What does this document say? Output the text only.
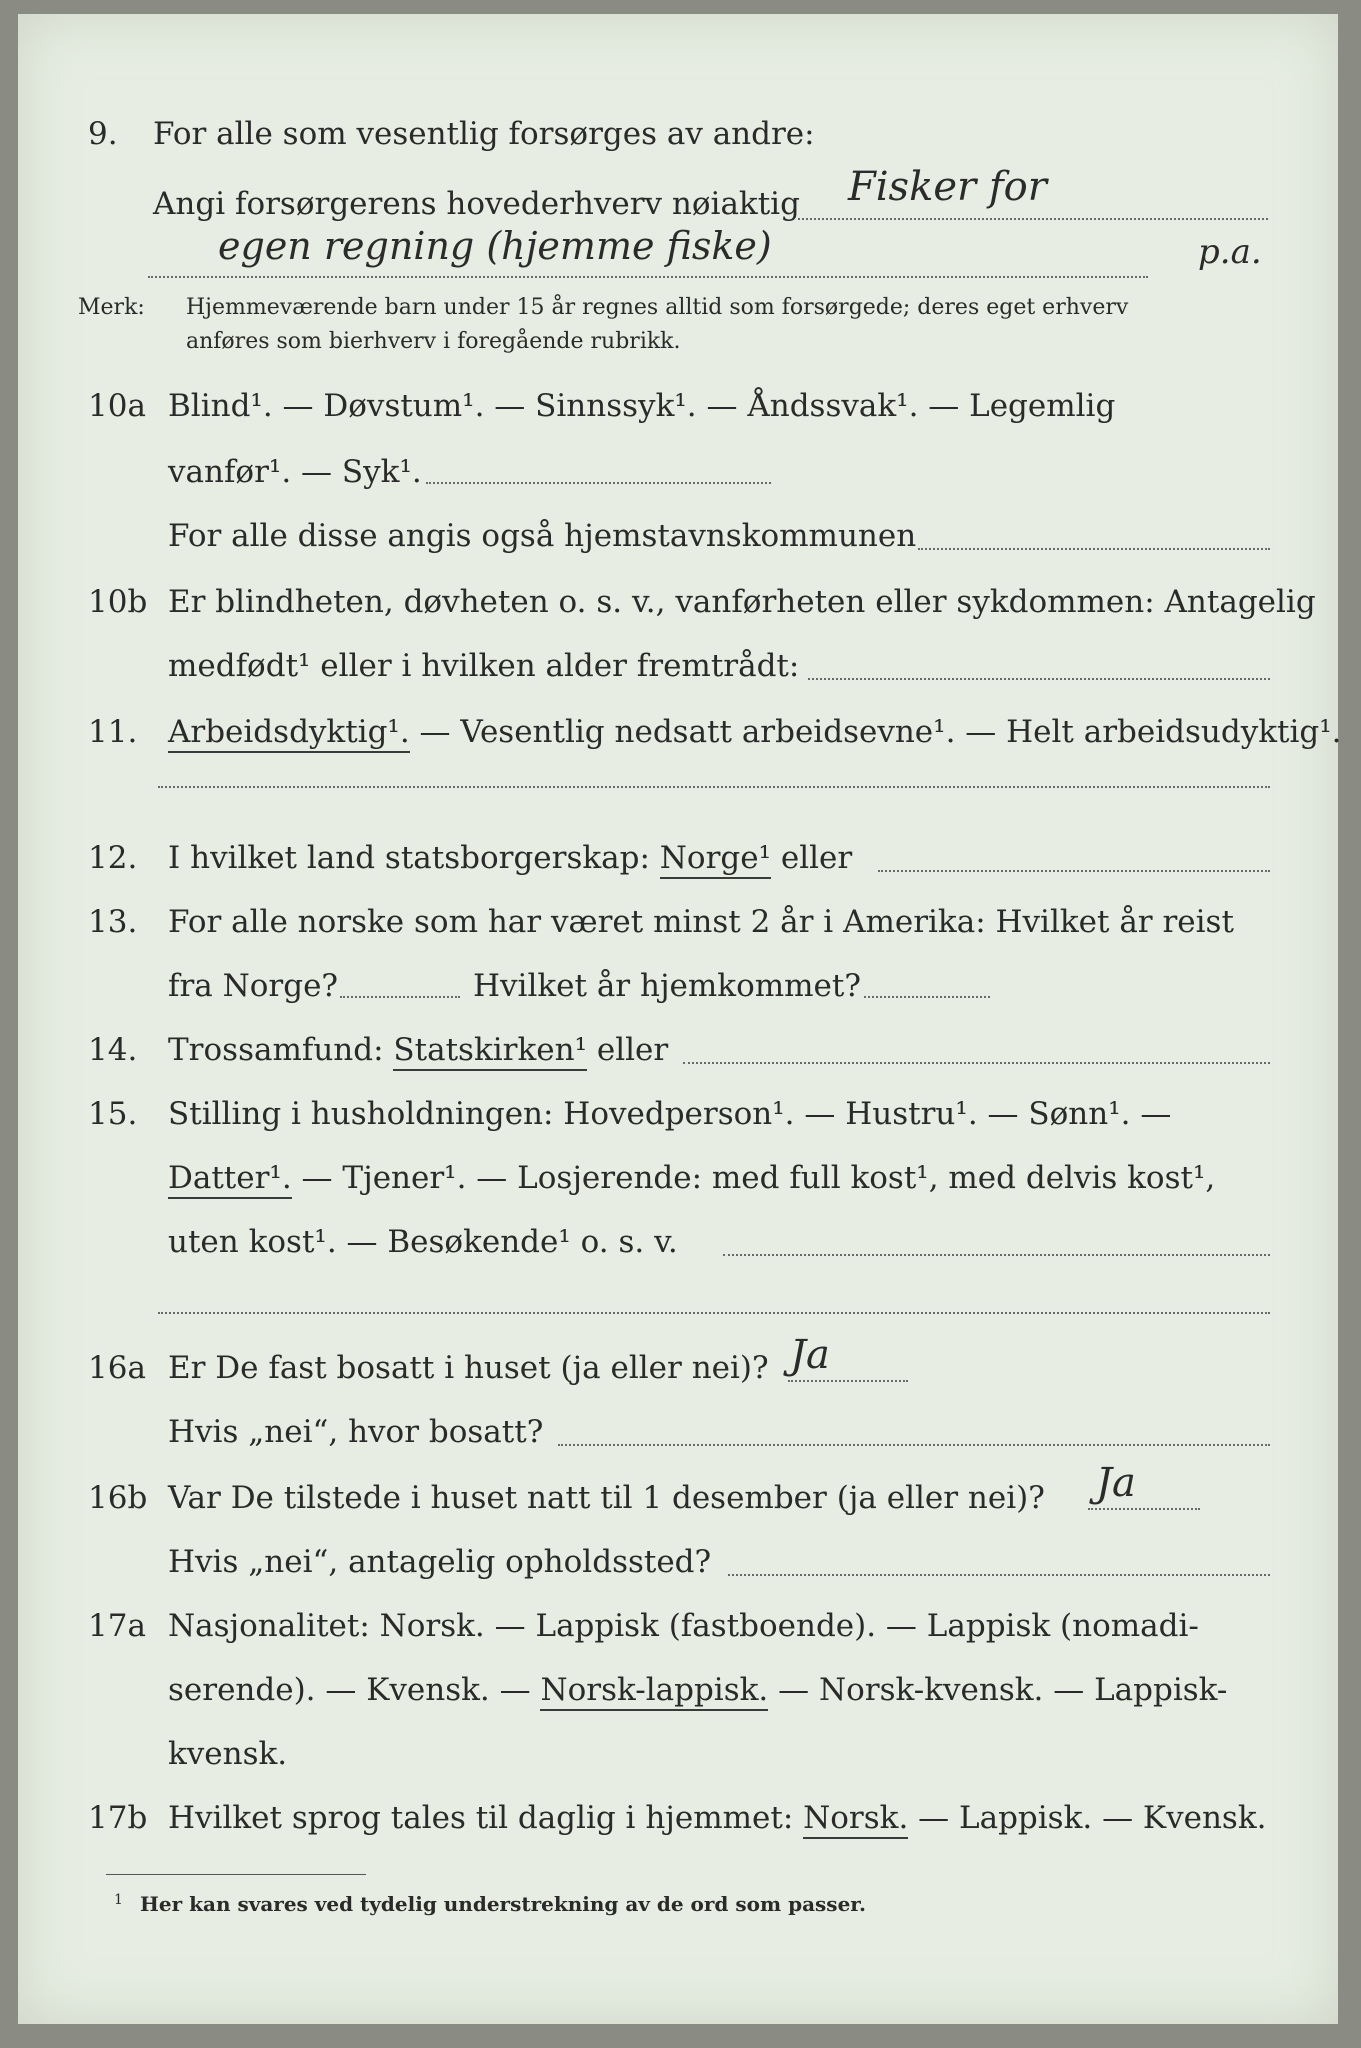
9. For alle som vesentlig forsørges av andre:
Angi forsørgerens hovederhverv nøiaktig Fisker for
egen regning (hjemme fiske)	p.a.
Merk: Hjemmeværende barn under 15 år regnes alltid som forsørgede; deres eget erhverv
anføres som bierhverv i foregående rubrikk.
10a Blind¹. — Døvstum¹. — Sinnssyk¹. — Åndssvak¹. — Legemlig
vanfør¹. — Syk¹.
For alle disse angis også hjemstavnskommunen
10b Er blindheten, døvheten o. s. v., vanførheten eller sykdommen: Antagelig
medfødt¹ eller i hvilken alder fremtrådt:
11. Arbeidsdyktig¹. — Vesentlig nedsatt arbeidsevne¹. — Helt arbeidsudyktig¹.
12. I hvilket land statsborgerskap: Norge¹ eller
13. For alle norske som har været minst 2 år i Amerika: Hvilket år reist
fra Norge?	Hvilket år hjemkommet?
14. Trossamfund: Statskirken¹ eller
15. Stilling i husholdningen: Hovedperson¹. — Hustru¹. — Sønn¹. —
Datter¹. — Tjener¹. — Losjerende: med full kost¹, med delvis kost¹,
uten kost¹. — Besøkende¹ o. s. v.
16a Er De fast bosatt i huset (ja eller nei)? Ja
Hvis „nei“, hvor bosatt?
16b Var De tilstede i huset natt til 1 desember (ja eller nei)? Ja
Hvis „nei“, antagelig opholdssted?
17a Nasjonalitet: Norsk. — Lappisk (fastboende). — Lappisk (nomadi-
serende). — Kvensk. — Norsk-lappisk. — Norsk-kvensk. — Lappisk-
kvensk.
17b Hvilket sprog tales til daglig i hjemmet: Norsk. — Lappisk. — Kvensk.
1 Her kan svares ved tydelig understrekning av de ord som passer.
